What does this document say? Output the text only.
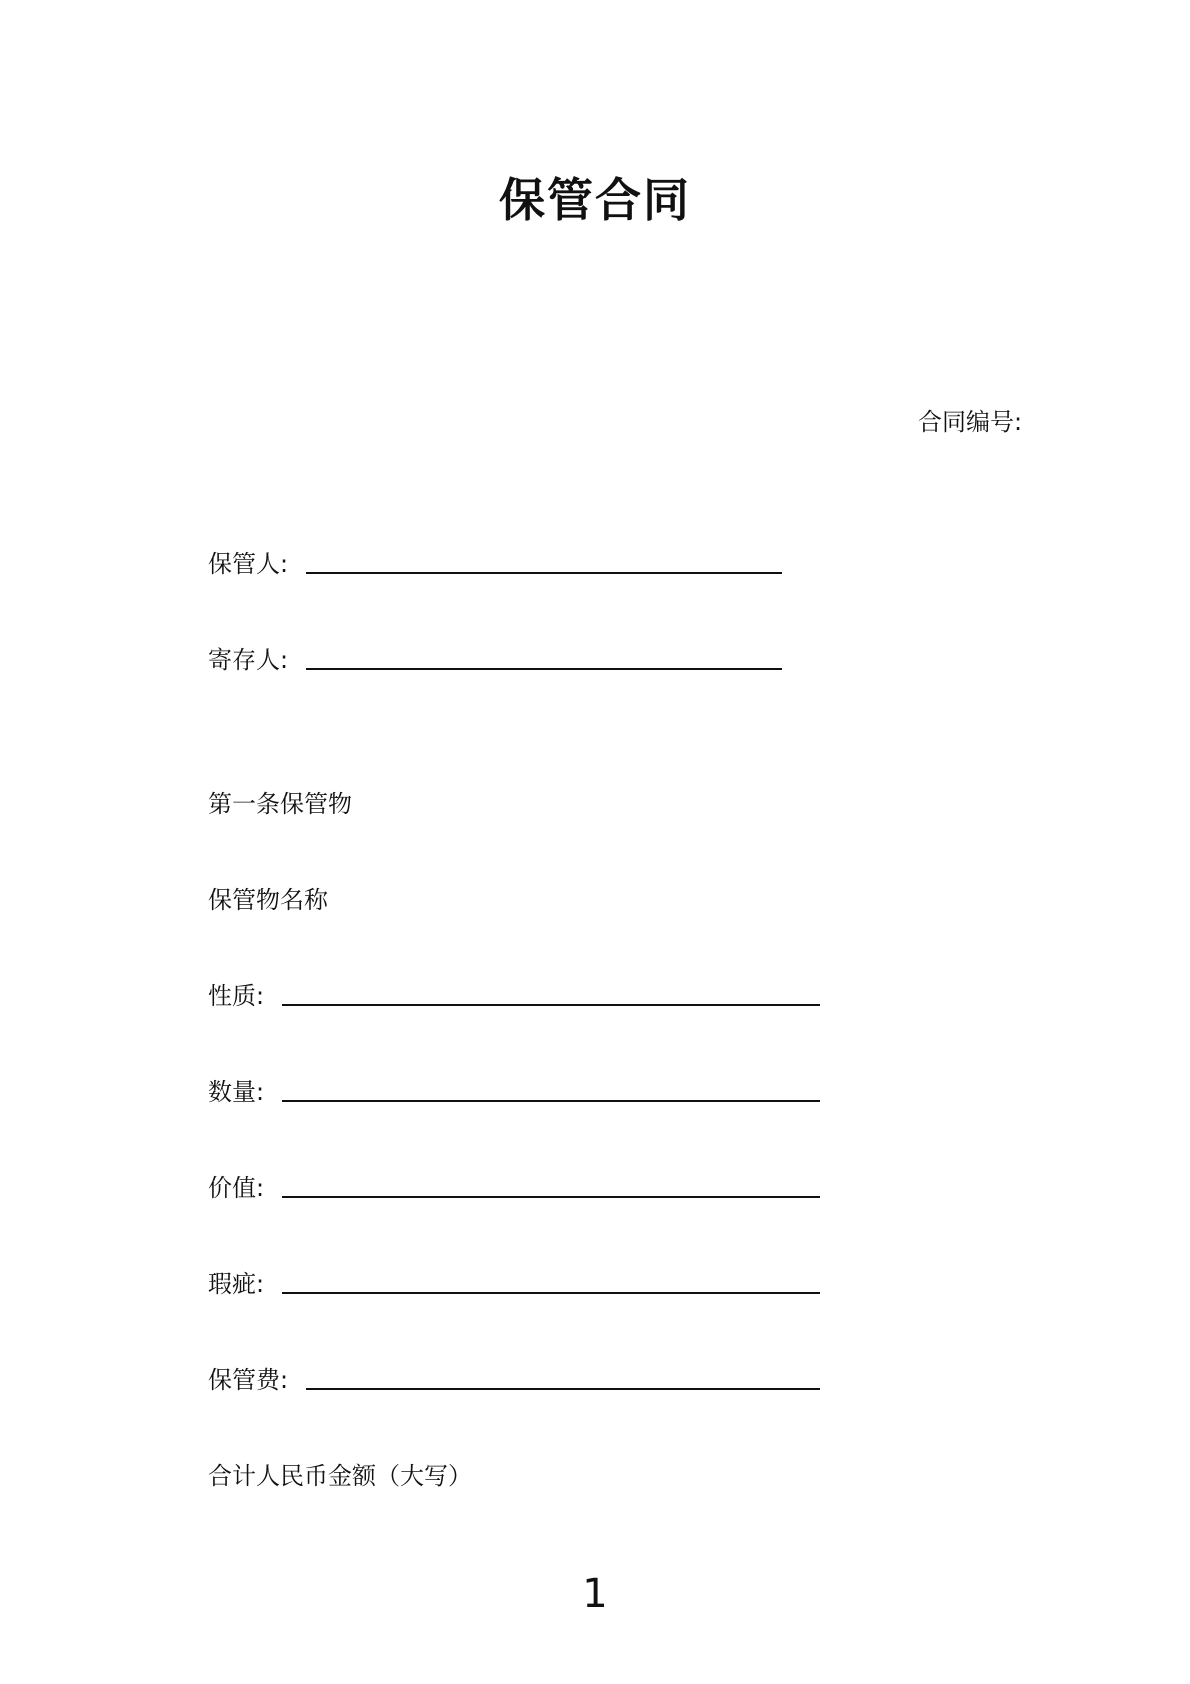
保管合同
合同编号:
保管人:
寄存人:
第一条保管物
保管物名称
性质:
数量:
价值:
瑕疵:
保管费:
合计人民币金额（大写）
1
